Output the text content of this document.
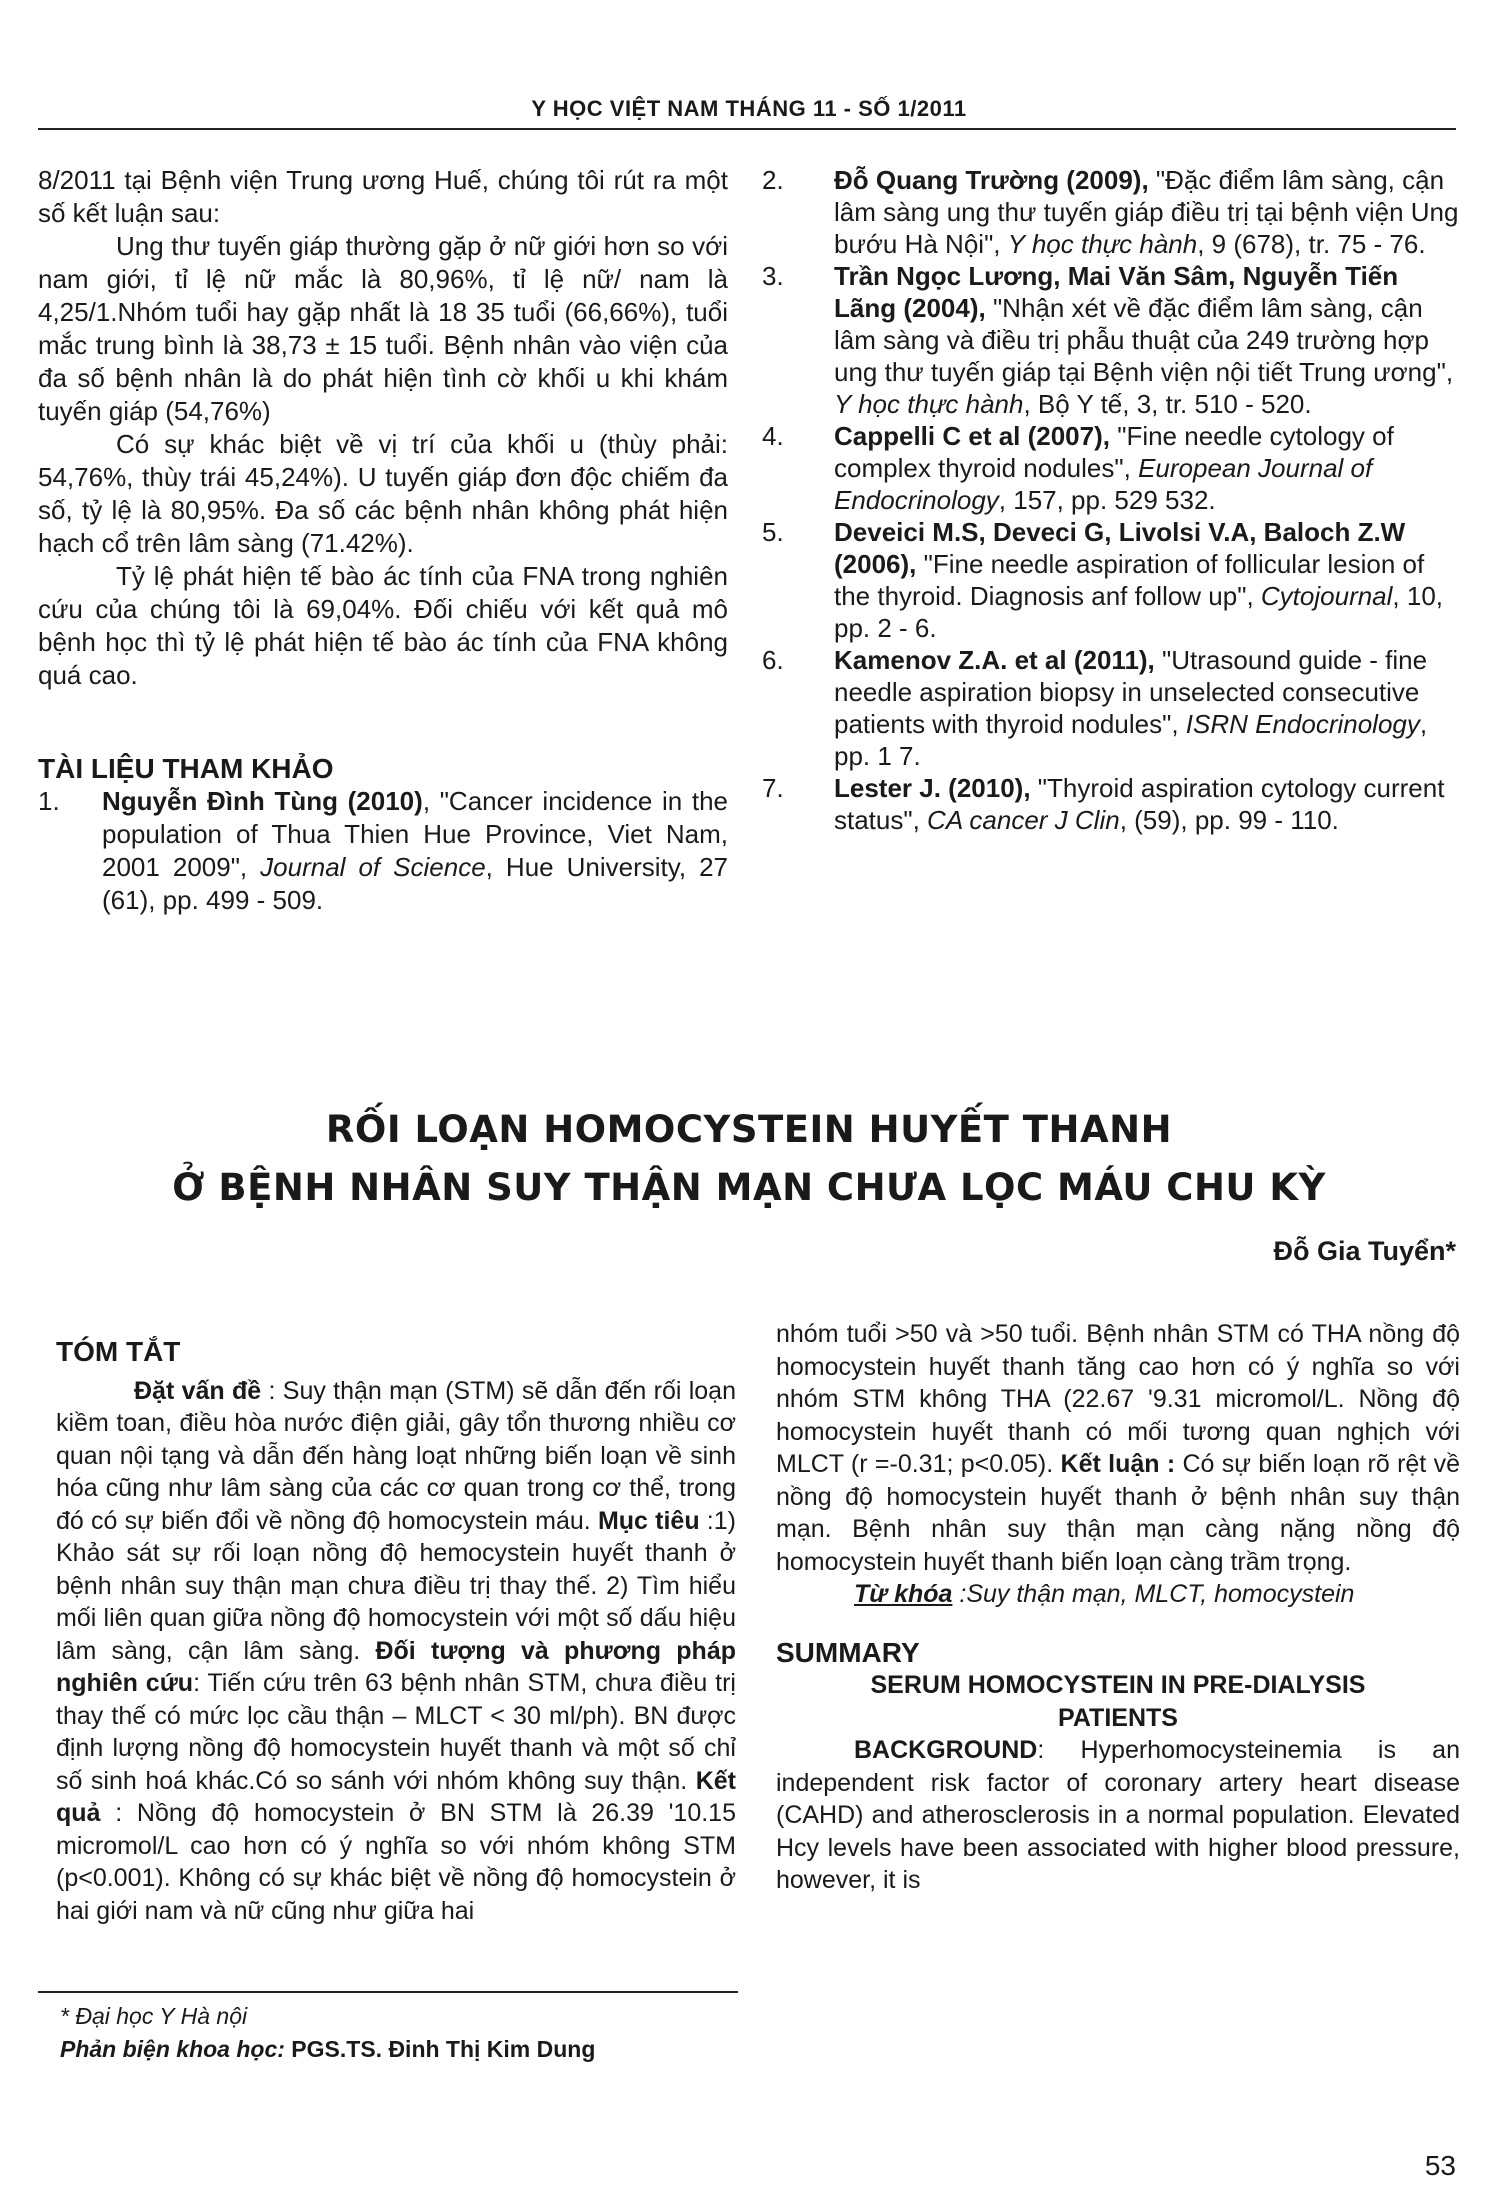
Y HỌC VIỆT NAM THÁNG 11 - SỐ 1/2011

8/2011 tại Bệnh viện Trung ương Huế, chúng tôi rút ra một số kết luận sau:

Ung thư tuyến giáp thường gặp ở nữ giới hơn so với nam giới, tỉ lệ nữ mắc là 80,96%, tỉ lệ nữ/ nam là 4,25/1.Nhóm tuổi hay gặp nhất là 18 35 tuổi (66,66%), tuổi mắc trung bình là 38,73 ± 15 tuổi. Bệnh nhân vào viện của đa số bệnh nhân là do phát hiện tình cờ khối u khi khám tuyến giáp (54,76%)

Có sự khác biệt về vị trí của khối u (thùy phải: 54,76%, thùy trái 45,24%). U tuyến giáp đơn độc chiếm đa số, tỷ lệ là 80,95%. Đa số các bệnh nhân không phát hiện hạch cổ trên lâm sàng (71.42%).

Tỷ lệ phát hiện tế bào ác tính của FNA trong nghiên cứu của chúng tôi là 69,04%. Đối chiếu với kết quả mô bệnh học thì tỷ lệ phát hiện tế bào ác tính của FNA không quá cao.

TÀI LIỆU THAM KHẢO

1.	Nguyễn Đình Tùng (2010), "Cancer incidence in the population of Thua Thien Hue Province, Viet Nam, 2001 2009", Journal of Science, Hue University, 27 (61), pp. 499 - 509.
2.	Đỗ Quang Trường (2009), "Đặc điểm lâm sàng, cận lâm sàng ung thư tuyến giáp điều trị tại bệnh viện Ung bướu Hà Nội", Y học thực hành, 9 (678), tr. 75 - 76.
3.	Trần Ngọc Lương, Mai Văn Sâm, Nguyễn Tiến Lãng (2004), "Nhận xét về đặc điểm lâm sàng, cận lâm sàng và điều trị phẫu thuật của 249 trường hợp ung thư tuyến giáp tại Bệnh viện nội tiết Trung ương", Y học thực hành, Bộ Y tế, 3, tr. 510 - 520.
4.	Cappelli C et al (2007), "Fine needle cytology of complex thyroid nodules", European Journal of Endocrinology, 157, pp. 529 532.
5.	Deveici M.S, Deveci G, Livolsi V.A, Baloch Z.W (2006), "Fine needle aspiration of follicular lesion of the thyroid. Diagnosis anf follow up", Cytojournal, 10, pp. 2 - 6.
6.	Kamenov Z.A. et al (2011), "Utrasound guide - fine needle aspiration biopsy in unselected consecutive patients with thyroid nodules", ISRN Endocrinology, pp. 1 7.
7.	Lester J. (2010), "Thyroid aspiration cytology current status", CA cancer J Clin, (59), pp. 99 - 110.
RỐI LOẠN HOMOCYSTEIN HUYẾT THANH
Ở BỆNH NHÂN SUY THẬN MẠN CHƯA LỌC MÁU CHU KỲ
Đỗ Gia Tuyển*

TÓM TẮT

Đặt vấn đề : Suy thận mạn (STM) sẽ dẫn đến rối loạn kiềm toan, điều hòa nước điện giải, gây tổn thương nhiều cơ quan nội tạng và dẫn đến hàng loạt những biến loạn về sinh hóa cũng như lâm sàng của các cơ quan trong cơ thể, trong đó có sự biến đổi về nồng độ homocystein máu. Mục tiêu :1) Khảo sát sự rối loạn nồng độ hemocystein huyết thanh ở bệnh nhân suy thận mạn chưa điều trị thay thế. 2) Tìm hiểu mối liên quan giữa nồng độ homocystein với một số dấu hiệu lâm sàng, cận lâm sàng. Đối tượng và phương pháp nghiên cứu: Tiến cứu trên 63 bệnh nhân STM, chưa điều trị thay thế có mức lọc cầu thận – MLCT < 30 ml/ph). BN được định lượng nồng độ homocystein huyết thanh và một số chỉ số sinh hoá khác.Có so sánh với nhóm không suy thận. Kết quả : Nồng độ homocystein ở BN STM là 26.39 '10.15 micromol/L cao hơn có ý nghĩa so với nhóm không STM (p<0.001). Không có sự khác biệt về nồng độ homocystein ở hai giới nam và nữ cũng như giữa hai

nhóm tuổi >50 và >50 tuổi. Bệnh nhân STM có THA nồng độ homocystein huyết thanh tăng cao hơn có ý nghĩa so với nhóm STM không THA (22.67 '9.31 micromol/L. Nồng độ homocystein huyết thanh có mối tương quan nghịch với MLCT (r =-0.31; p<0.05). Kết luận : Có sự biến loạn rõ rệt về nồng độ homocystein huyết thanh ở bệnh nhân suy thận mạn. Bệnh nhân suy thận mạn càng nặng nồng độ homocystein huyết thanh biến loạn càng trầm trọng.

Từ khóa :Suy thận mạn, MLCT, homocystein

SUMMARY

SERUM HOMOCYSTEIN IN PRE-DIALYSIS

PATIENTS

BACKGROUND: Hyperhomocysteinemia is an independent risk factor of coronary artery heart disease (CAHD) and atherosclerosis in a normal population. Elevated Hcy levels have been associated with higher blood pressure, however, it is

* Đại học Y Hà nội
Phản biện khoa học: PGS.TS. Đinh Thị Kim Dung
53
